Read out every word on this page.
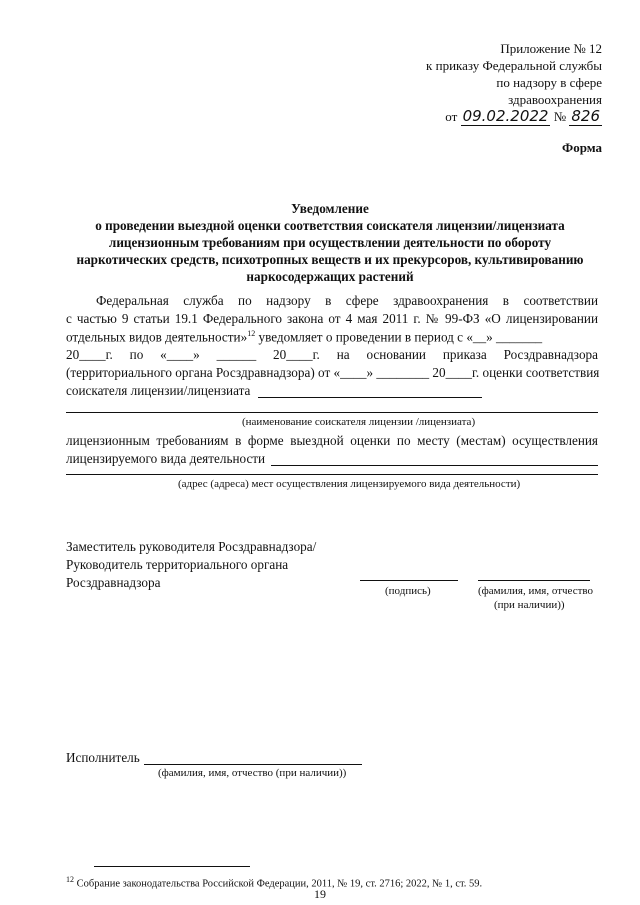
Приложение № 12
к приказу Федеральной службы
по надзору в сфере
здравоохранения
от 09.02.2022 № 826
Форма
Уведомление
о проведении выездной оценки соответствия соискателя лицензии/лицензиата
лицензионным требованиям при осуществлении деятельности по обороту
наркотических средств, психотропных веществ и их прекурсоров, культивированию
наркосодержащих растений
Федеральная служба по надзору в сфере здравоохранения в соответствии
с частью 9 статьи 19.1 Федерального закона от 4 мая 2011 г. № 99-ФЗ «О лицензировании
отдельных видов деятельности»$^{12}$ уведомляет о проведении в период с «__» _______
20____г. по «____» ______ 20____г. на основании приказа Росздравнадзора
(территориального органа Росздравнадзора) от «____» ________ 20____г. оценки соответствия
соискателя лицензии/лицензиата
(наименование соискателя лицензии /лицензиата)
лицензионным требованиям в форме выездной оценки по месту (местам) осуществления
лицензируемого вида деятельности
(адрес (адреса) мест осуществления лицензируемого вида деятельности)
Заместитель руководителя Росздравнадзора/
Руководитель территориального органа
Росздравнадзора
(подпись)	(фамилия, имя, отчество
(при наличии))
Исполнитель
(фамилия, имя, отчество (при наличии))
$^{12}$ Собрание законодательства Российской Федерации, 2011, № 19, ст. 2716; 2022, № 1, ст. 59.
19
